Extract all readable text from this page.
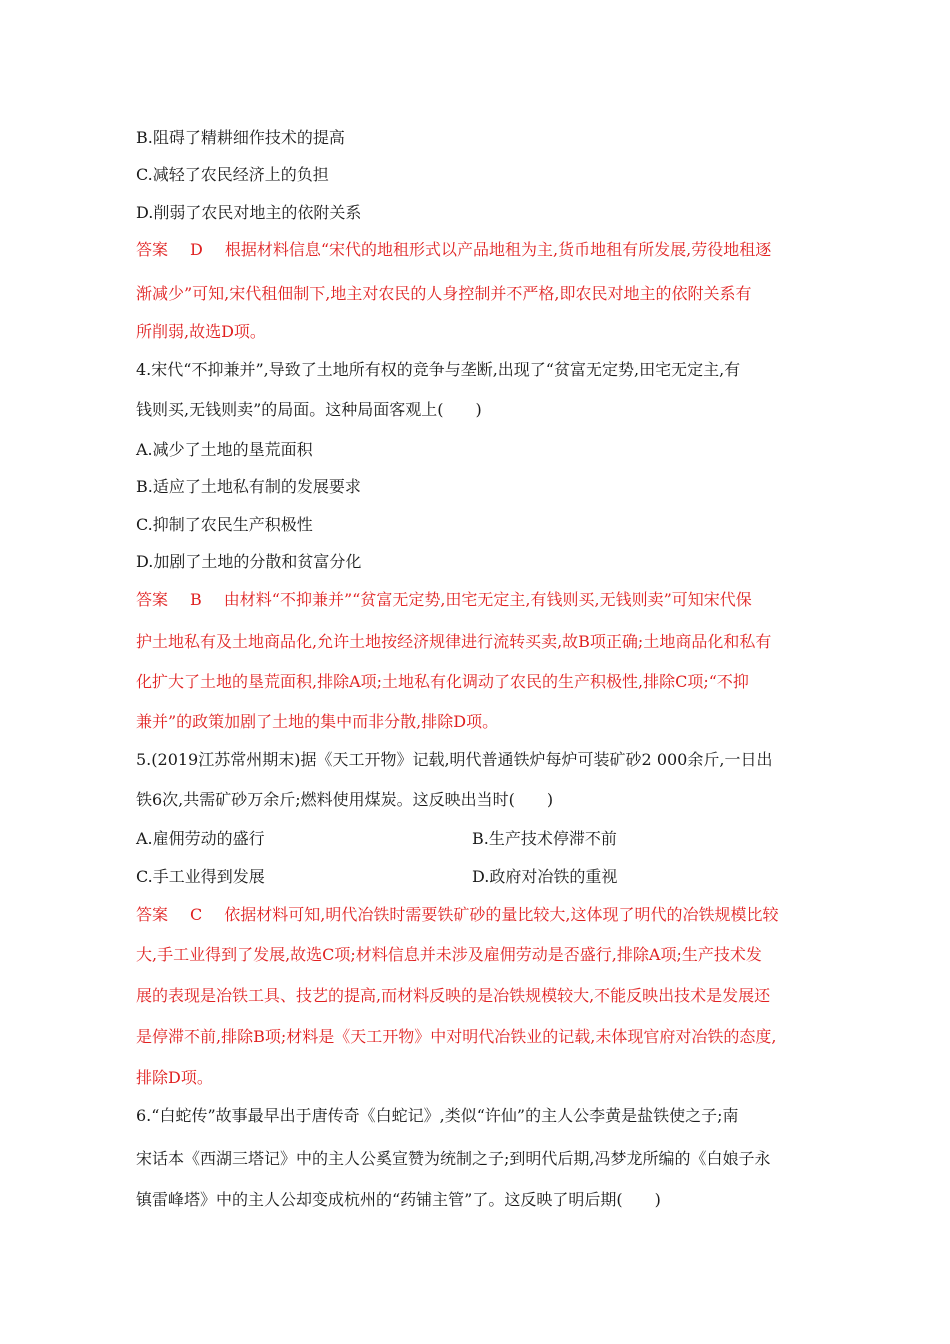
B.阻碍了精耕细作技术的提高
C.减轻了农民经济上的负担
D.削弱了农民对地主的依附关系
答案 D 根据材料信息“宋代的地租形式以产品地租为主,货币地租有所发展,劳役地租逐
渐减少”可知,宋代租佃制下,地主对农民的人身控制并不严格,即农民对地主的依附关系有
所削弱,故选D项。
4.宋代“不抑兼并”,导致了土地所有权的竞争与垄断,出现了“贫富无定势,田宅无定主,有
钱则买,无钱则卖”的局面。这种局面客观上(　　)
A.减少了土地的垦荒面积
B.适应了土地私有制的发展要求
C.抑制了农民生产积极性
D.加剧了土地的分散和贫富分化
答案 B 由材料“不抑兼并”“贫富无定势,田宅无定主,有钱则买,无钱则卖”可知宋代保
护土地私有及土地商品化,允许土地按经济规律进行流转买卖,故B项正确;土地商品化和私有
化扩大了土地的垦荒面积,排除A项;土地私有化调动了农民的生产积极性,排除C项;“不抑
兼并”的政策加剧了土地的集中而非分散,排除D项。
5.(2019江苏常州期末)据《天工开物》记载,明代普通铁炉每炉可装矿砂2 000余斤,一日出
铁6次,共需矿砂万余斤;燃料使用煤炭。这反映出当时(　　)
A.雇佣劳动的盛行	B.生产技术停滞不前
C.手工业得到发展	D.政府对冶铁的重视
答案 C 依据材料可知,明代冶铁时需要铁矿砂的量比较大,这体现了明代的冶铁规模比较
大,手工业得到了发展,故选C项;材料信息并未涉及雇佣劳动是否盛行,排除A项;生产技术发
展的表现是冶铁工具、技艺的提高,而材料反映的是冶铁规模较大,不能反映出技术是发展还
是停滞不前,排除B项;材料是《天工开物》中对明代冶铁业的记载,未体现官府对冶铁的态度,
排除D项。
6.“白蛇传”故事最早出于唐传奇《白蛇记》,类似“许仙”的主人公李黄是盐铁使之子;南
宋话本《西湖三塔记》中的主人公奚宣赞为统制之子;到明代后期,冯梦龙所编的《白娘子永
镇雷峰塔》中的主人公却变成杭州的“药铺主管”了。这反映了明后期(　　)
